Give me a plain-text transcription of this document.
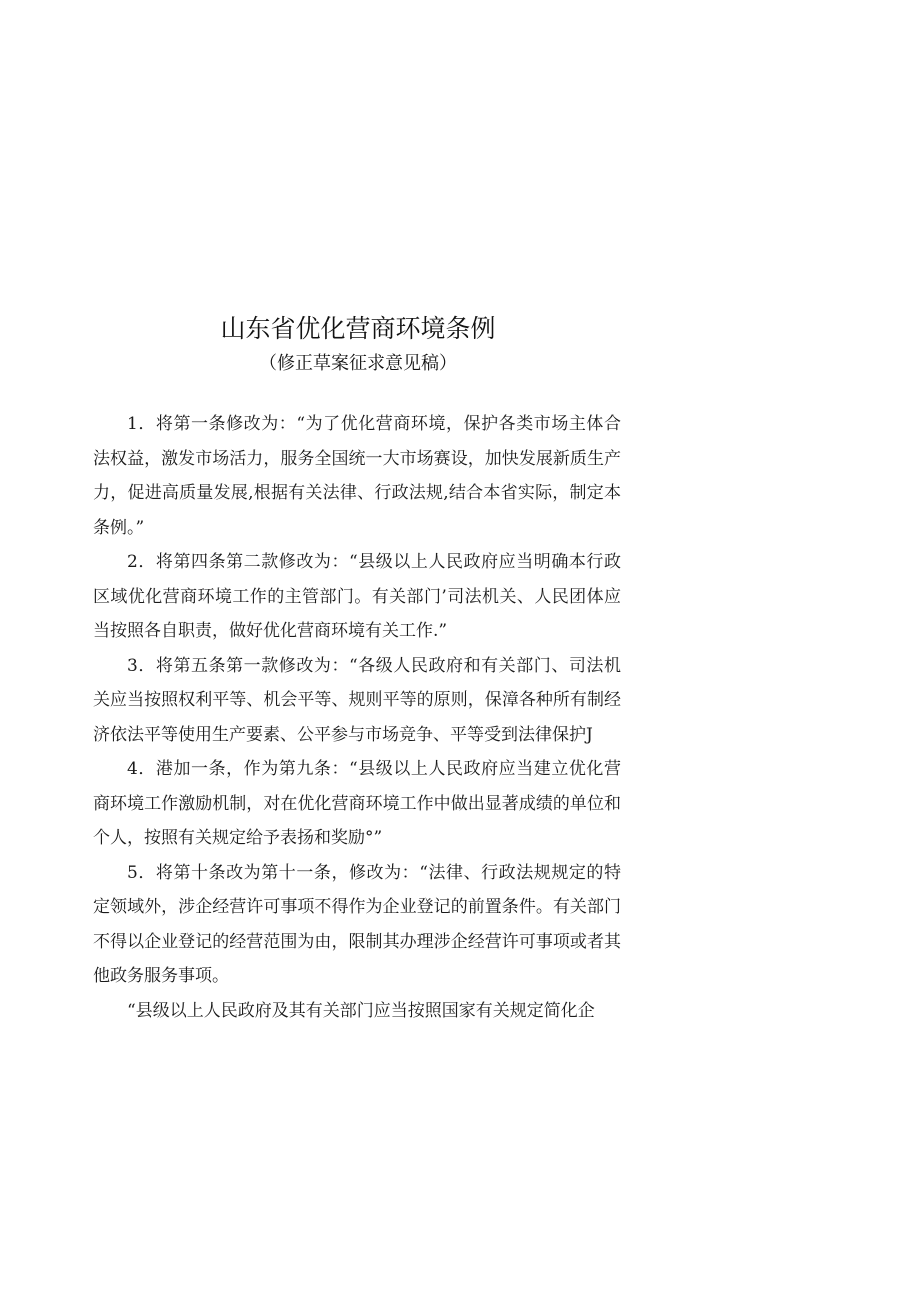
山东省优化营商环境条例
（修正草案征求意见稿）

1．将第一条修改为：“为了优化营商环境，保护各类市场主体合法权益，激发市场活力，服务全国统一大市场赛设，加快发展新质生产力，促进高质量发展,根据有关法律、行政法规,结合本省实际，制定本条例。”

2．将第四条第二款修改为：“县级以上人民政府应当明确本行政区域优化营商环境工作的主管部门。有关部门’司法机关、人民团体应当按照各自职责，做好优化营商环境有关工作.”

3．将第五条第一款修改为：“各级人民政府和有关部门、司法机关应当按照权利平等、机会平等、规则平等的原则，保漳各种所有制经济依法平等使用生产要素、公平参与市场竞争、平等受到法律保护J

4．港加一条，作为第九条：“县级以上人民政府应当建立优化营商环境工作激励机制，对在优化营商环境工作中做出显著成绩的单位和个人，按照有关规定给予表扬和奖励°”

5．将第十条改为第十一条，修改为：“法律、行政法规规定的特定领域外，涉企经营许可事项不得作为企业登记的前置条件。有关部门不得以企业登记的经营范围为由，限制其办理涉企经营许可事项或者其他政务服务事项。

“县级以上人民政府及其有关部门应当按照国家有关规定简化企
